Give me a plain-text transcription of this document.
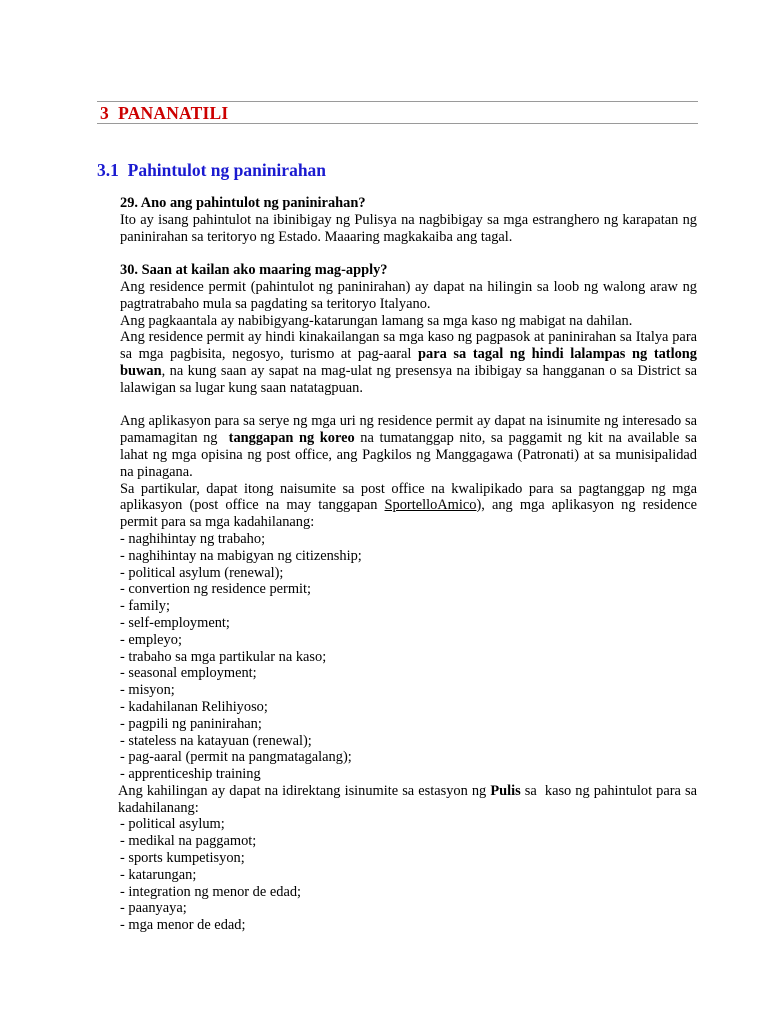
3  PANANATILI
3.1  Pahintulot ng paninirahan

29. Ano ang pahintulot ng paninirahan?

Ito ay isang pahintulot na ibinibigay ng Pulisya na nagbibigay sa mga estranghero ng karapatan ng paninirahan sa teritoryo ng Estado. Maaaring magkakaiba ang tagal.

30. Saan at kailan ako maaring mag-apply?

Ang residence permit (pahintulot ng paninirahan) ay dapat na hilingin sa loob ng walong araw ng pagtratrabaho mula sa pagdating sa teritoryo Italyano.

Ang pagkaantala ay nabibigyang-katarungan lamang sa mga kaso ng mabigat na dahilan.

Ang residence permit ay hindi kinakailangan sa mga kaso ng pagpasok at paninirahan sa Italya para sa mga pagbisita, negosyo, turismo at pag-aaral para sa tagal ng hindi lalampas ng tatlong buwan, na kung saan ay sapat na mag-ulat ng presensya na ibibigay sa hangganan o sa District sa lalawigan sa lugar kung saan natatagpuan.

Ang aplikasyon para sa serye ng mga uri ng residence permit ay dapat na isinumite ng interesado sa pamamagitan ng  tanggapan ng koreo na tumatanggap nito, sa paggamit ng kit na available sa lahat ng mga opisina ng post office, ang Pagkilos ng Manggagawa (Patronati) at sa munisipalidad na pinagana.

Sa partikular, dapat itong naisumite sa post office na kwalipikado para sa pagtanggap ng mga aplikasyon (post office na may tanggapan SportelloAmico), ang mga aplikasyon ng residence permit para sa mga kadahilanang:

- naghihintay ng trabaho;
- naghihintay na mabigyan ng citizenship;
- political asylum (renewal);
- convertion ng residence permit;
- family;
- self-employment;
- empleyo;
- trabaho sa mga partikular na kaso;
- seasonal employment;
- misyon;
- kadahilanan Relihiyoso;
- pagpili ng paninirahan;
- stateless na katayuan (renewal);
- pag-aaral (permit na pangmatagalang);
- apprenticeship training

Ang kahilingan ay dapat na idirektang isinumite sa estasyon ng Pulis sa  kaso ng pahintulot para sa kadahilanang:

- political asylum;
- medikal na paggamot;
- sports kumpetisyon;
- katarungan;
- integration ng menor de edad;
- paanyaya;
- mga menor de edad;
